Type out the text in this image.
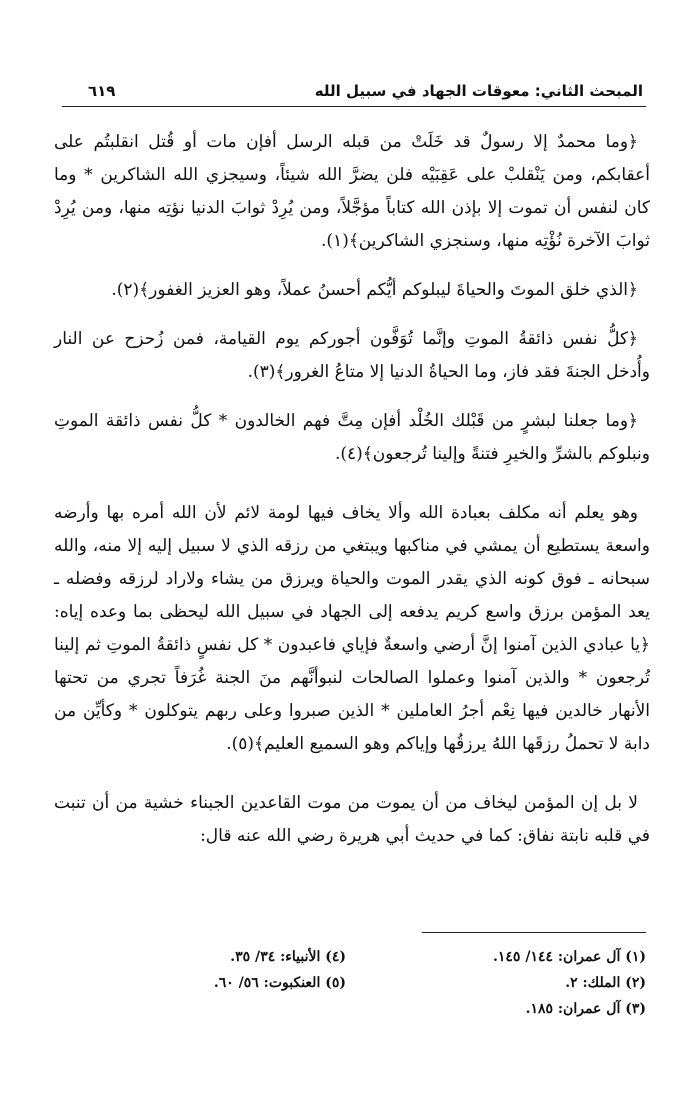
المبحث الثاني: معوقات الجهاد في سبيل الله
٦١٩

﴿وما محمدٌ إلا رسولٌ قد خَلَتْ من قبله الرسل أفإن مات أو قُتل انقلبتُم على أعقابكم، ومن يَنْقلبْ على عَقِبَيْه فلن يضرَّ الله شيئاً، وسيجزي الله الشاكرين * وما كان لنفس أن تموت إلا بإذن الله كتاباً مؤجَّلاً، ومن يُرِدْ ثوابَ الدنيا نؤتِه منها، ومن يُرِدْ ثوابَ الآخرة نُؤْتِه منها، وسنجزي الشاكرين﴾(١).

﴿الذي خلق الموتَ والحياةَ ليبلوكم أيُّكم أحسنُ عملاً، وهو العزيز الغفور﴾(٢).

﴿كلُّ نفس ذائقةُ الموتِ وإنَّما تُوَفَّون أجوركم يوم القيامة، فمن زُحزح عن النار وأُدخل الجنةَ فقد فاز، وما الحياةُ الدنيا إلا متاعُ الغرور﴾(٣).

﴿وما جعلنا لبشرٍ من قَبْلك الخُلْد أفإن مِتَّ فهم الخالدون * كلُّ نفس ذائقة الموتِ ونبلوكم بالشرِّ والخيرِ فتنةً وإلينا تُرجعون﴾(٤).

وهو يعلم أنه مكلف بعبادة الله وألا يخاف فيها لومة لائم لأن الله أمره بها وأرضه واسعة يستطيع أن يمشي في مناكبها ويبتغي من رزقه الذي لا سبيل إليه إلا منه، والله سبحانه ـ فوق كونه الذي يقدر الموت والحياة ويرزق من يشاء ولاراد لرزقه وفضله ـ يعد المؤمن برزق واسع كريم يدفعه إلى الجهاد في سبيل الله ليحظى بما وعده إياه: ﴿يا عبادي الذين آمنوا إنَّ أرضي واسعةٌ فإياي فاعبدون * كل نفسٍ ذائقةُ الموتِ ثم إلينا تُرجعون * والذين آمنوا وعملوا الصالحات لنبوأنَّهم منَ الجنة غُرَفاً تجري من تحتها الأنهار خالدين فيها نِعْم أجرُ العاملين * الذين صبروا وعلى ربهم يتوكلون * وكأيِّن من دابة لا تحملُ رزقَها اللهُ يرزقُها وإياكم وهو السميع العليم﴾(٥).

لا بل إن المؤمن ليخاف من أن يموت من موت القاعدين الجبناء خشية من أن تنبت في قلبه نابتة نفاق: كما في حديث أبي هريرة رضي الله عنه قال:

(١) آل عمران: ١٤٤/ ١٤٥.
(٢) الملك: ٢.
(٣) آل عمران: ١٨٥.
(٤) الأنبياء: ٣٤/ ٣٥.
(٥) العنكبوت: ٥٦/ ٦٠.
